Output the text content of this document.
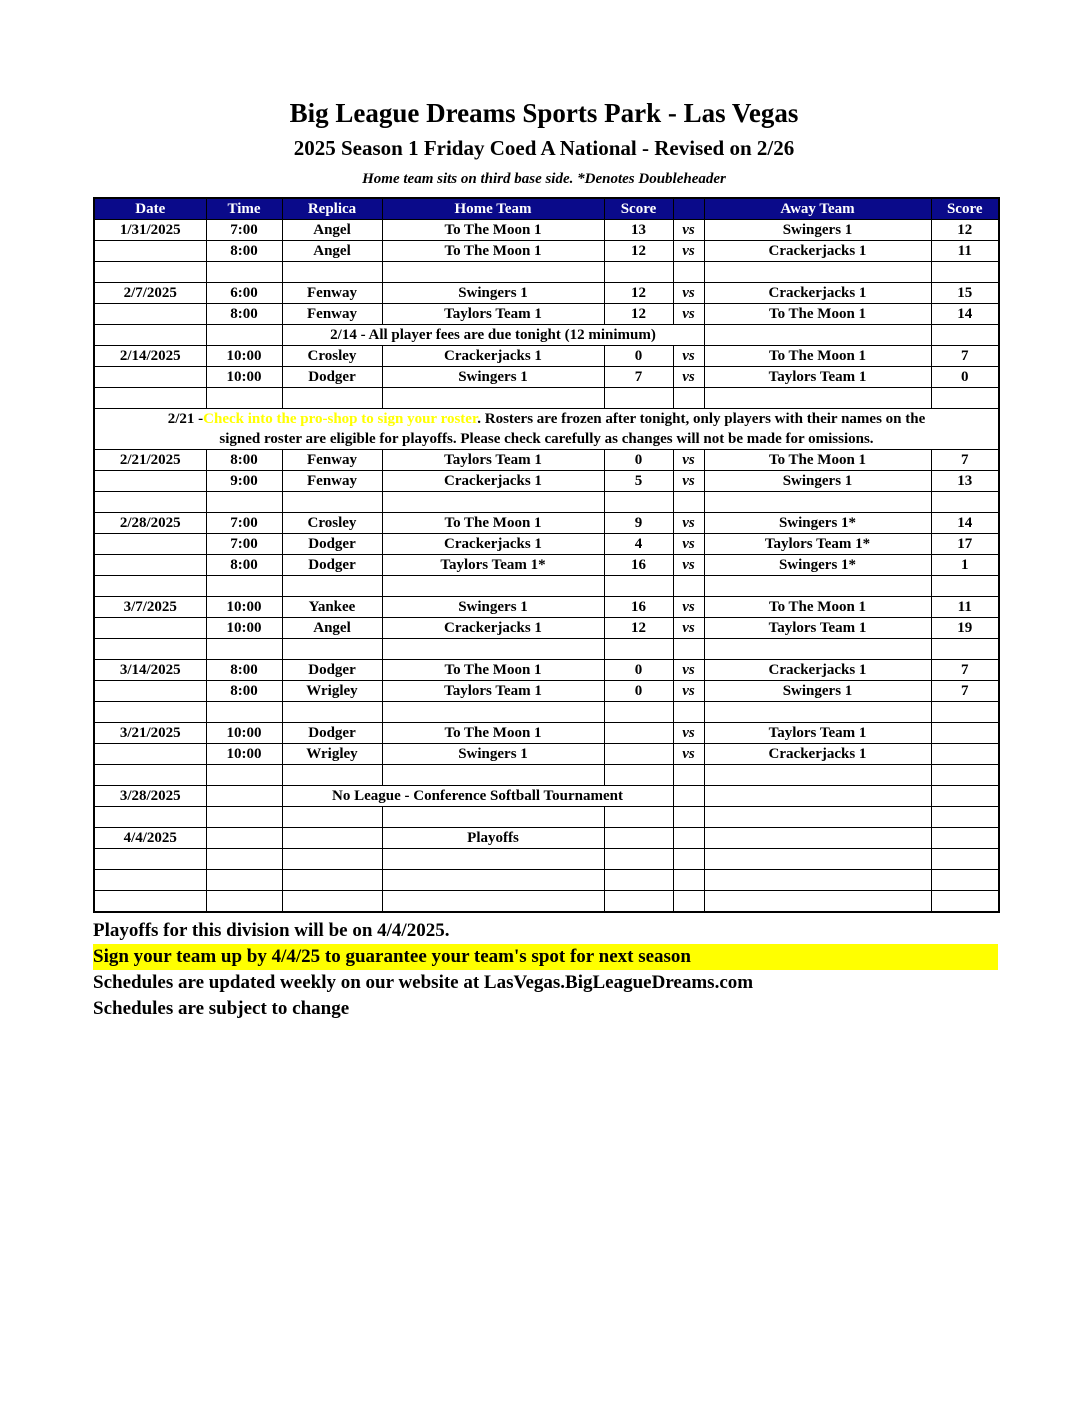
Big League Dreams Sports Park - Las Vegas
2025 Season 1 Friday Coed A National - Revised on 2/26
Home team sits on third base side. *Denotes Doubleheader
Date	Time	Replica	Home Team	Score		Away Team	Score
1/31/2025	7:00	Angel	To The Moon 1	13	vs	Swingers 1	12
	8:00	Angel	To The Moon 1	12	vs	Crackerjacks 1	11

2/7/2025	6:00	Fenway	Swingers 1	12	vs	Crackerjacks 1	15
	8:00	Fenway	Taylors Team 1	12	vs	To The Moon 1	14
		2/14 - All player fees are due tonight (12 minimum)					
2/14/2025	10:00	Crosley	Crackerjacks 1	0	vs	To The Moon 1	7
	10:00	Dodger	Swingers 1	7	vs	Taylors Team 1	0

2/21 -Check into the pro-shop to sign your roster. Rosters are frozen after tonight, only players with their names on the
signed roster are eligible for playoffs. Please check carefully as changes will not be made for omissions.							

2/21/2025	8:00	Fenway	Taylors Team 1	0	vs	To The Moon 1	7
	9:00	Fenway	Crackerjacks 1	5	vs	Swingers 1	13

2/28/2025	7:00	Crosley	To The Moon 1	9	vs	Swingers 1*	14
	7:00	Dodger	Crackerjacks 1	4	vs	Taylors Team 1*	17
	8:00	Dodger	Taylors Team 1*	16	vs	Swingers 1*	1

3/7/2025	10:00	Yankee	Swingers 1	16	vs	To The Moon 1	11
	10:00	Angel	Crackerjacks 1	12	vs	Taylors Team 1	19

3/14/2025	8:00	Dodger	To The Moon 1	0	vs	Crackerjacks 1	7
	8:00	Wrigley	Taylors Team 1	0	vs	Swingers 1	7

3/21/2025	10:00	Dodger	To The Moon 1		vs	Taylors Team 1	
	10:00	Wrigley	Swingers 1		vs	Crackerjacks 1	

3/28/2025		No League - Conference Softball Tournament					

4/4/2025			Playoffs				

Playoffs for this division will be on 4/4/2025.
Sign your team up by 4/4/25 to guarantee your team's spot for next season
Schedules are updated weekly on our website at LasVegas.BigLeagueDreams.com
Schedules are subject to change
